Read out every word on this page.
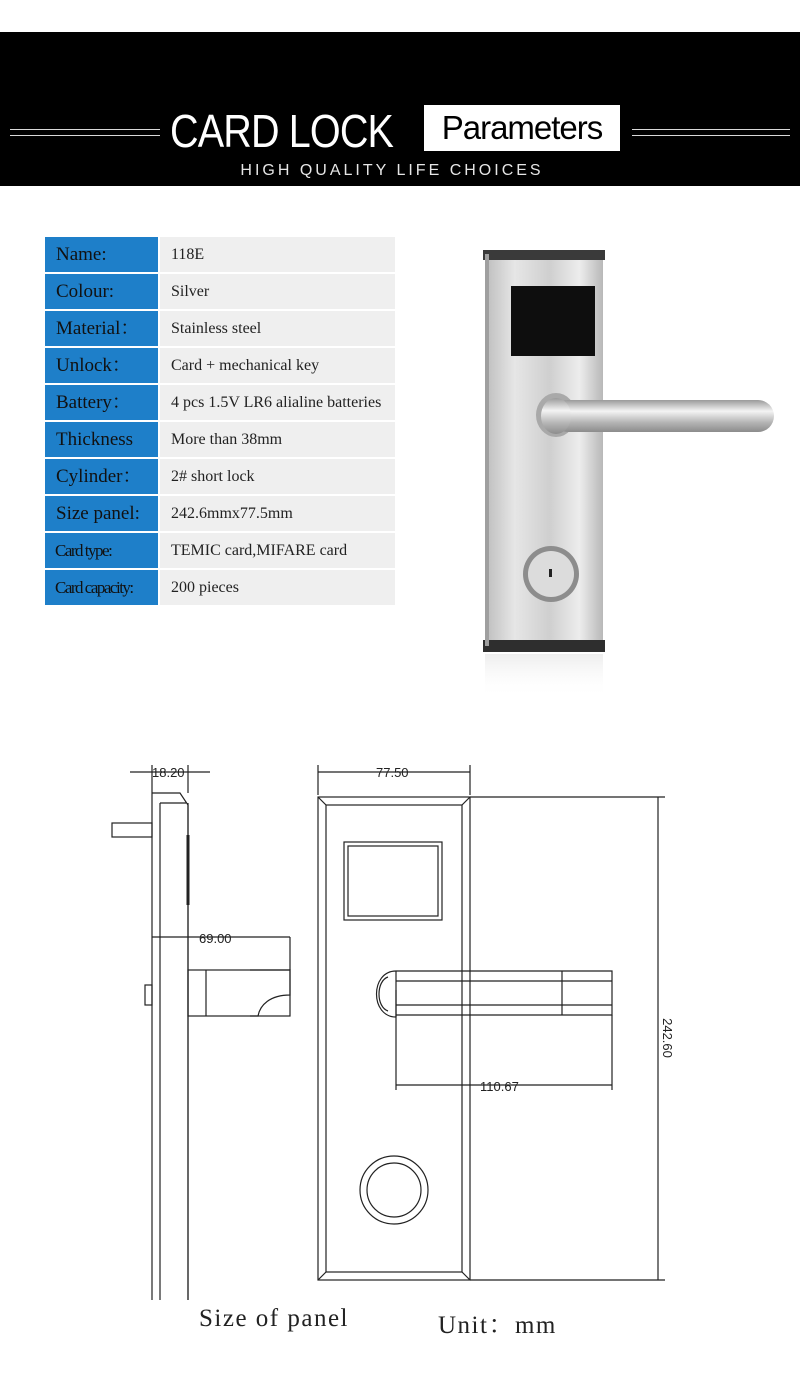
CARD LOCK	Parameters
HIGH QUALITY LIFE CHOICES
Name:	118E
Colour:	Silver
Material：	Stainless steel
Unlock：	Card + mechanical key
Battery：	4 pcs 1.5V LR6 alialine batteries
Thickness	More than 38mm
Cylinder：	2# short lock
Size panel:	242.6mmx77.5mm
Card type:	TEMIC card,MIFARE card
Card capacity:	200 pieces
18.20	77.50
69.00
110.67
242.60
Size of panel	Unit：mm
